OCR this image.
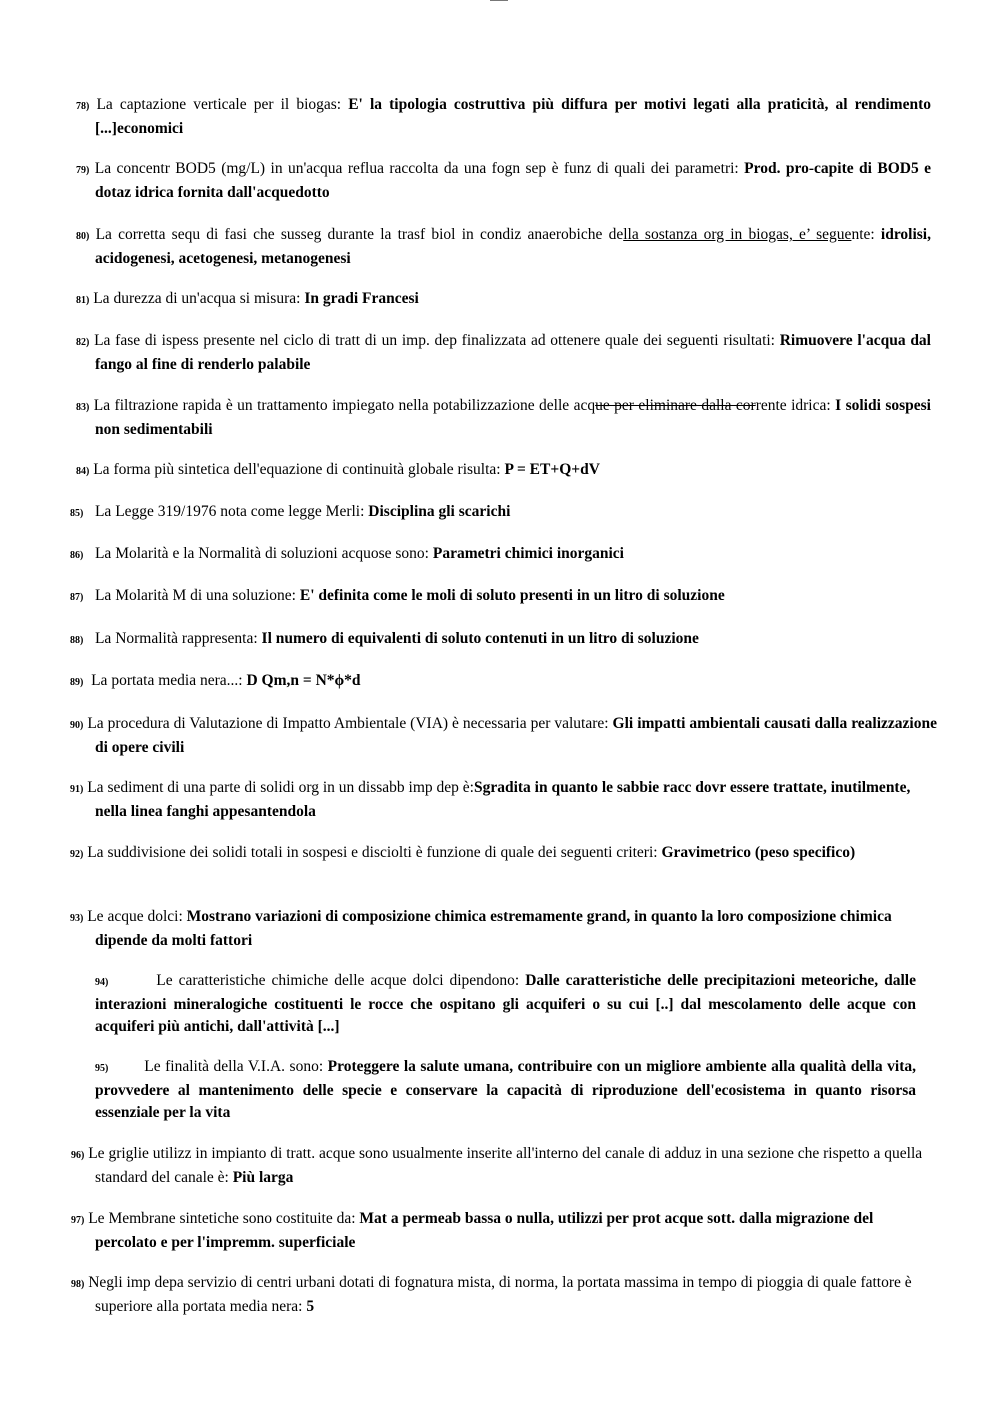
78) La captazione verticale per il biogas: E' la tipologia costruttiva più diffura per motivi legati alla praticità, al rendimento [...]economici
79) La concentr BOD5 (mg/L) in un'acqua reflua raccolta da una fogn sep è funz di quali dei parametri: Prod. pro-capite di BOD5 e dotaz idrica fornita dall'acquedotto
80) La corretta sequ di fasi che susseg durante la trasf biol in condiz anaerobiche della sostanza org in biogas, e’ seguente: idrolisi, acidogenesi, acetogenesi, metanogenesi
81) La durezza di un'acqua si misura: In gradi Francesi
82) La fase di ispess presente nel ciclo di tratt di un imp. dep finalizzata ad ottenere quale dei seguenti risultati: Rimuovere l'acqua dal fango al fine di renderlo palabile
83) La filtrazione rapida è un trattamento impiegato nella potabilizzazione delle acque per eliminare dalla corrente idrica: I solidi sospesi non sedimentabili
84) La forma più sintetica dell'equazione di continuità globale risulta: P = ET+Q+dV
85) La Legge 319/1976 nota come legge Merli: Disciplina gli scarichi
86) La Molarità e la Normalità di soluzioni acquose sono: Parametri chimici inorganici
87) La Molarità M di una soluzione: E' definita come le moli di soluto presenti in un litro di soluzione
88) La Normalità rappresenta: Il numero di equivalenti di soluto contenuti in un litro di soluzione
89) La portata media nera...: D Qm,n = N*ϕ*d
90) La procedura di Valutazione di Impatto Ambientale (VIA) è necessaria per valutare: Gli impatti ambientali causati dalla realizzazione di opere civili
91) La sediment di una parte di solidi org in un dissabb imp dep è:Sgradita in quanto le sabbie racc dovr essere trattate, inutilmente, nella linea fanghi appesantendola
92) La suddivisione dei solidi totali in sospesi e disciolti è funzione di quale dei seguenti criteri: Gravimetrico (peso specifico)
93) Le acque dolci: Mostrano variazioni di composizione chimica estremamente grand, in quanto la loro composizione chimica dipende da molti fattori
94)	Le caratteristiche chimiche delle acque dolci dipendono: Dalle caratteristiche delle precipitazioni meteoriche, dalle interazioni mineralogiche costituenti le rocce che ospitano gli acquiferi o su cui [..] dal mescolamento delle acque con acquiferi più antichi, dall'attività [...]
95) Le finalità della V.I.A. sono: Proteggere la salute umana, contribuire con un migliore ambiente alla qualità della vita, provvedere al mantenimento delle specie e conservare la capacità di riproduzione dell'ecosistema in quanto risorsa essenziale per la vita
96) Le griglie utilizz in impianto di tratt. acque sono usualmente inserite all'interno del canale di adduz in una sezione che rispetto a quella standard del canale è: Più larga
97) Le Membrane sintetiche sono costituite da: Mat a permeab bassa o nulla, utilizzi per prot acque sott. dalla migrazione del percolato e per l'impremm. superficiale
98) Negli imp depa servizio di centri urbani dotati di fognatura mista, di norma, la portata massima in tempo di pioggia di quale fattore è superiore alla portata media nera: 5
